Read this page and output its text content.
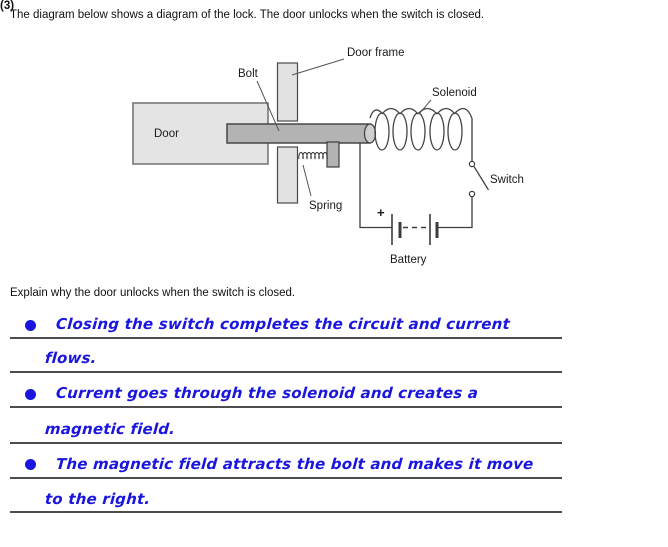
The diagram below shows a diagram of the lock. The door unlocks when the switch is closed.
+
Door frame
Bolt
Solenoid
Door
Switch
Spring
Battery
Explain why the door unlocks when the switch is closed.
Closing the switch completes the circuit and current
flows.
Current goes through the solenoid and creates a
magnetic field.
The magnetic field attracts the bolt and makes it move
to the right.
(3)
